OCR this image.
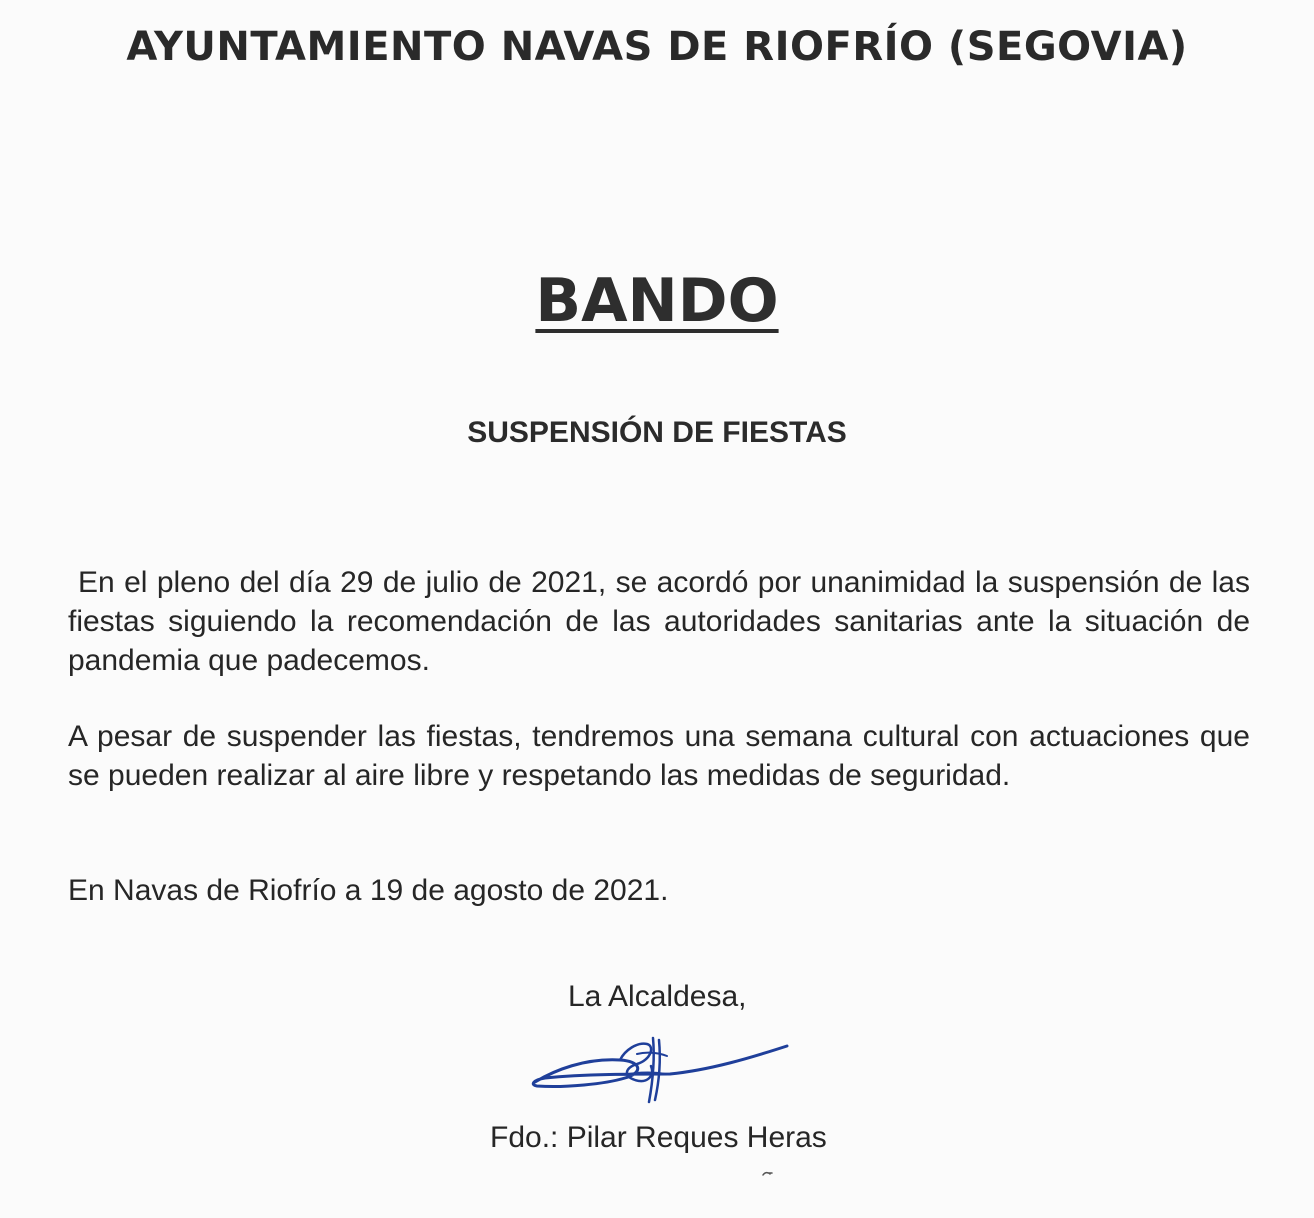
AYUNTAMIENTO NAVAS DE RIOFRÍO (SEGOVIA)
BANDO
SUSPENSIÓN DE FIESTAS

En el pleno del día 29 de julio de 2021, se acordó por unanimidad la suspensión de las fiestas siguiendo la recomendación de las autoridades sanitarias ante la situación de pandemia que padecemos.

A pesar de suspender las fiestas, tendremos una semana cultural con actuaciones que se pueden realizar al aire libre y respetando las medidas de seguridad.

En Navas de Riofrío a 19 de agosto de 2021.
La Alcaldesa,
Fdo.: Pilar Reques Heras
